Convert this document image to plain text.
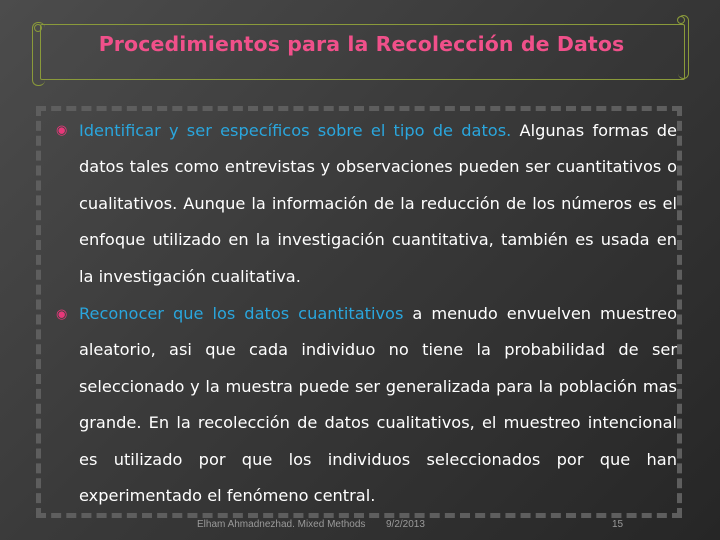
Procedimientos para la Recolección de Datos
◉ Identificar y ser específicos sobre el tipo de datos. Algunas formas de datos tales como entrevistas y observaciones pueden ser cuantitativos o cualitativos. Aunque la información de la reducción de los números es el enfoque utilizado en la investigación cuantitativa, también es usada en la investigación cualitativa.
◉ Reconocer que los datos cuantitativos a menudo envuelven muestreo aleatorio, asi que cada individuo no tiene la probabilidad de ser seleccionado y la muestra puede ser generalizada para la población mas grande. En la recolección de datos cualitativos, el muestreo intencional es utilizado por que los individuos seleccionados por que han experimentado el fenómeno central.
Elham Ahmadnezhad. Mixed Methods 9/2/2013	15
